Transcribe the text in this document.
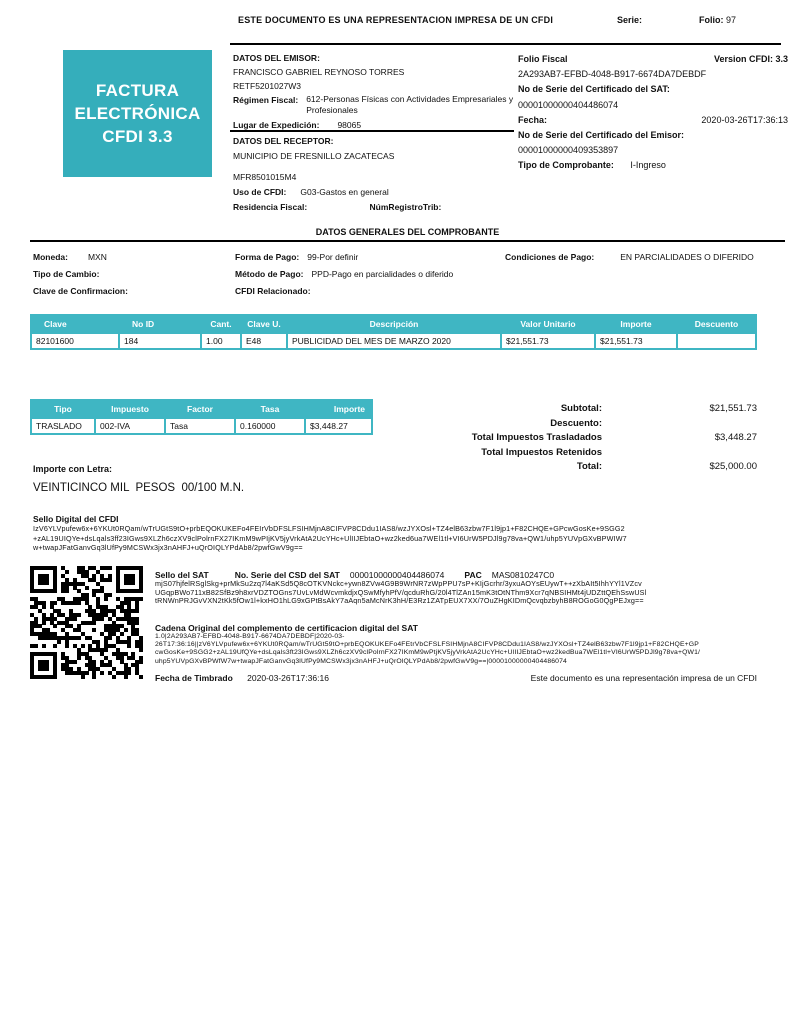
ESTE DOCUMENTO ES UNA REPRESENTACION IMPRESA DE UN CFDI	Serie:	Folio: 97
FACTURA
ELECTRÓNICA
CFDI 3.3
DATOS DEL EMISOR:
FRANCISCO GABRIEL REYNOSO TORRES
RETF5201027W3
Régimen Fiscal: 612-Personas Físicas con Actividades Empresariales y Profesionales
Lugar de Expedición: 98065
DATOS DEL RECEPTOR:
MUNICIPIO DE FRESNILLO ZACATECAS
MFR8501015M4
Uso de CFDI: G03-Gastos en general
Residencia Fiscal:	NúmRegistroTrib:
Folio Fiscal	Version CFDI: 3.3
2A293AB7-EFBD-4048-B917-6674DA7DEBDF
No de Serie del Certificado del SAT:
00001000000404486074
Fecha:	2020-03-26T17:36:13
No de Serie del Certificado del Emisor:
00001000000409353897
Tipo de Comprobante: I-Ingreso
DATOS GENERALES DEL COMPROBANTE
Moneda: MXN
Tipo de Cambio:
Clave de Confirmacion:
Forma de Pago: 99-Por definir
Método de Pago: PPD-Pago en parcialidades o diferido
CFDI Relacionado:
Condiciones de Pago:	EN PARCIALIDADES O DIFERIDO
Clave	No ID	Cant.	Clave U.	Descripción	Valor Unitario	Importe	Descuento
82101600	184	1.00	E48	PUBLICIDAD DEL MES DE MARZO 2020	$21,551.73	$21,551.73	
Tipo	Impuesto	Factor	Tasa	Importe
TRASLADO	002-IVA	Tasa	0.160000	$3,448.27
Subtotal:	$21,551.73
Descuento:
Total Impuestos Trasladados	$3,448.27
Total Impuestos Retenidos
Total:	$25,000.00
Importe con Letra:
VEINTICINCO MIL  PESOS  00/100 M.N.
Sello Digital del CFDI
IzV6YLVpufew6x+6YKUt0RQam/wTrUGtS9tO+prbEQOKUKEFo4FEIrVbDFSLFSIHMjnA8CIFVP8CDdu1IAS8/wzJYXOsl+TZ4elB63zbw7F1l9jp1+F82CHQE+GPcwGosKe+9SGG2
+zAL19UIQYe+dsLqals3ff23IGws9XLZh6czXV9clPolrnFX27IKmM9wPIjKV5jyVrkAtA2UcYHc+UlIIJEbtaO+wz2ked6ua7WEl1tl+VI6UrW5PDJl9g78va+QW1/uhp5YUVpGXvBPWIW7
w+twapJFatGanvGq3lUfPy9MCSWx3jx3nAHFJ+uQrOIQLYPdAb8/2pwfGwV9g==
Sello del SAT	No. Serie del CSD del SAT 00001000000404486074 PAC MAS0810247C0
mjS07hjfelRSglSkg+prMkSu2zq7l4aKSd5Q8cOTKVNckc+ywn8ZVw4G9B9WrNR7zWpPPU7sP+KIjGcrhr/3yxuAOYsEUywT++zXbAIt5IhhYYl1VZcv
UGqpBWo711xB82SfBz9h8xrVDZTOGns7UvLvMdWcvmkdjxQSwMfyhPfV/qcduRhG/20l4TlZAn15mK3tOtNThm9Xcr7qNBSIHMt4jUDZttQEhSswUSl
tRNWnPRJGvVXN2tKk5fOw1l+kxHO1hLG9xGPtBsAkY7aAqn5aMcNrK3hH/E3Rz1ZATpEUX7XX/7OuZHgKIDmQcvqbzbyhB8ROGoG0QgPEJxg==
Cadena Original del complemento de certificacion digital del SAT
1.0|2A293AB7-EFBD-4048-B917-6674DA7DEBDF|2020-03-
26T17:36:16||zV6YLVpufew6x+6YKUt0RQam/wTrUGt59tO+prbEQOKUKEFo4FEtrVbCFSLFSIHMjnA8CIFVP8CDdu1IAS8/wzJYXOsl+TZ4elB63zbw7F1l9jp1+F82CHQE+GP
cwGosKe+9SGG2+zAL19UfQYe+dsLqals3ft23IGws9XLZh6czXV9clPolrnFX27IKmM9wPtjKV5jyVrkAtA2UcYHc+UlIIJEbtaO+wz2kedBua7WEl1tl+VI6UrW5PDJl9g78va+QW1/
uhp5YUVpGXvBPWfW7w+twapJFatGanvGq3lUfPy9MCSWx3jx3nAHFJ+uQrOlQLYPdAb8/2pwfGwV9g==|00001000000404486074
Fecha de Timbrado 2020-03-26T17:36:16	Este documento es una representación impresa de un CFDI
